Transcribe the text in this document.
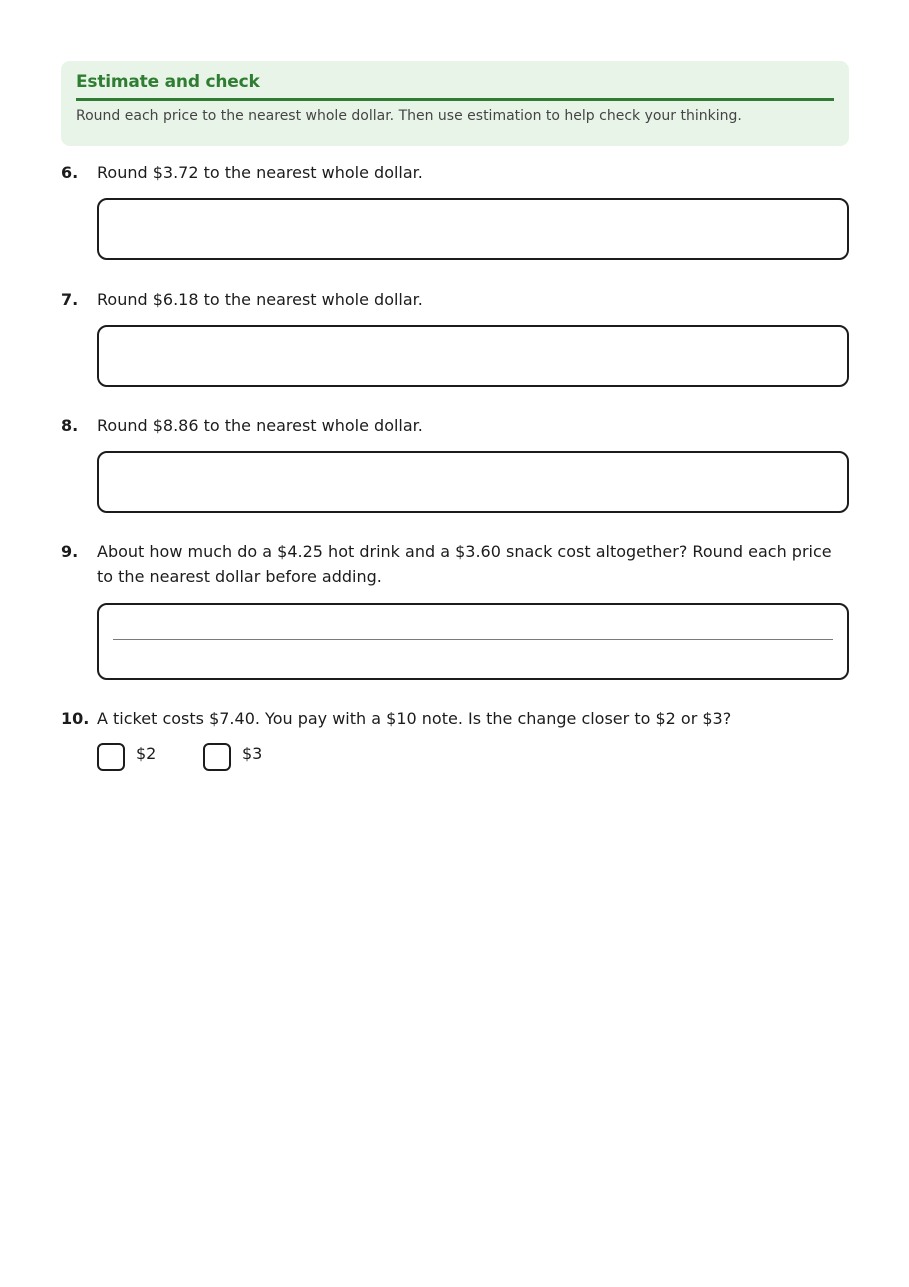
Estimate and check
Round each price to the nearest whole dollar. Then use estimation to help check your thinking.
6.	Round $3.72 to the nearest whole dollar.
7.	Round $6.18 to the nearest whole dollar.
8.	Round $8.86 to the nearest whole dollar.
9.	About how much do a $4.25 hot drink and a $3.60 snack cost altogether? Round each price to the nearest dollar before adding.
10. A ticket costs $7.40. You pay with a $10 note. Is the change closer to $2 or $3?
$2	$3
